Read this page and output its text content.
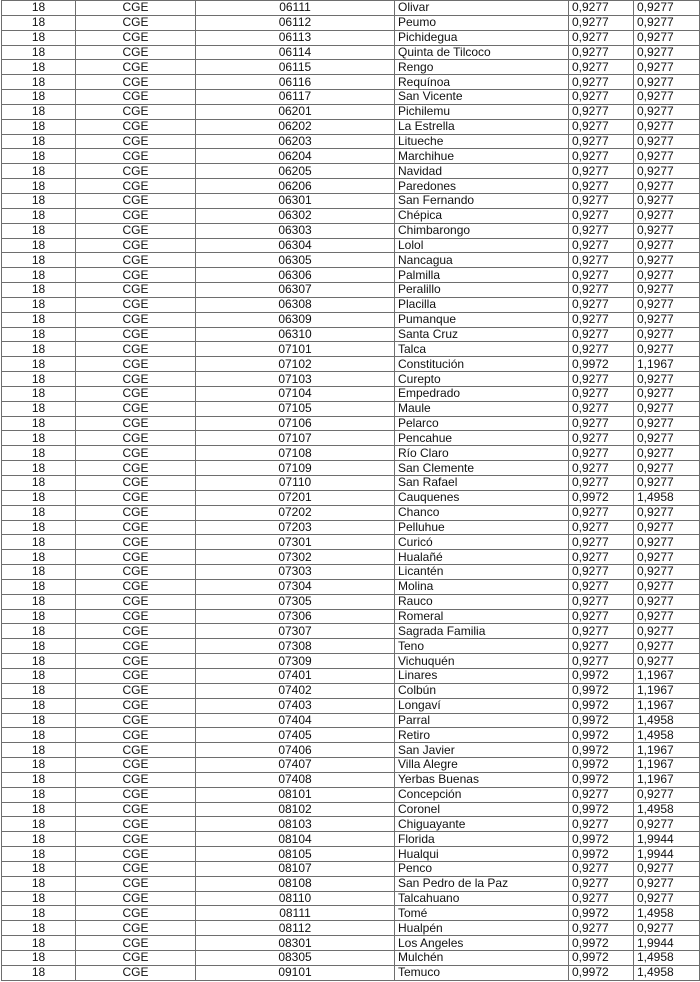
18	CGE	06111	Olivar	0,9277	0,9277
18	CGE	06112	Peumo	0,9277	0,9277
18	CGE	06113	Pichidegua	0,9277	0,9277
18	CGE	06114	Quinta de Tilcoco	0,9277	0,9277
18	CGE	06115	Rengo	0,9277	0,9277
18	CGE	06116	Requínoa	0,9277	0,9277
18	CGE	06117	San Vicente	0,9277	0,9277
18	CGE	06201	Pichilemu	0,9277	0,9277
18	CGE	06202	La Estrella	0,9277	0,9277
18	CGE	06203	Litueche	0,9277	0,9277
18	CGE	06204	Marchihue	0,9277	0,9277
18	CGE	06205	Navidad	0,9277	0,9277
18	CGE	06206	Paredones	0,9277	0,9277
18	CGE	06301	San Fernando	0,9277	0,9277
18	CGE	06302	Chépica	0,9277	0,9277
18	CGE	06303	Chimbarongo	0,9277	0,9277
18	CGE	06304	Lolol	0,9277	0,9277
18	CGE	06305	Nancagua	0,9277	0,9277
18	CGE	06306	Palmilla	0,9277	0,9277
18	CGE	06307	Peralillo	0,9277	0,9277
18	CGE	06308	Placilla	0,9277	0,9277
18	CGE	06309	Pumanque	0,9277	0,9277
18	CGE	06310	Santa Cruz	0,9277	0,9277
18	CGE	07101	Talca	0,9277	0,9277
18	CGE	07102	Constitución	0,9972	1,1967
18	CGE	07103	Curepto	0,9277	0,9277
18	CGE	07104	Empedrado	0,9277	0,9277
18	CGE	07105	Maule	0,9277	0,9277
18	CGE	07106	Pelarco	0,9277	0,9277
18	CGE	07107	Pencahue	0,9277	0,9277
18	CGE	07108	Río Claro	0,9277	0,9277
18	CGE	07109	San Clemente	0,9277	0,9277
18	CGE	07110	San Rafael	0,9277	0,9277
18	CGE	07201	Cauquenes	0,9972	1,4958
18	CGE	07202	Chanco	0,9277	0,9277
18	CGE	07203	Pelluhue	0,9277	0,9277
18	CGE	07301	Curicó	0,9277	0,9277
18	CGE	07302	Hualañé	0,9277	0,9277
18	CGE	07303	Licantén	0,9277	0,9277
18	CGE	07304	Molina	0,9277	0,9277
18	CGE	07305	Rauco	0,9277	0,9277
18	CGE	07306	Romeral	0,9277	0,9277
18	CGE	07307	Sagrada Familia	0,9277	0,9277
18	CGE	07308	Teno	0,9277	0,9277
18	CGE	07309	Vichuquén	0,9277	0,9277
18	CGE	07401	Linares	0,9972	1,1967
18	CGE	07402	Colbún	0,9972	1,1967
18	CGE	07403	Longaví	0,9972	1,1967
18	CGE	07404	Parral	0,9972	1,4958
18	CGE	07405	Retiro	0,9972	1,4958
18	CGE	07406	San Javier	0,9972	1,1967
18	CGE	07407	Villa Alegre	0,9972	1,1967
18	CGE	07408	Yerbas Buenas	0,9972	1,1967
18	CGE	08101	Concepción	0,9277	0,9277
18	CGE	08102	Coronel	0,9972	1,4958
18	CGE	08103	Chiguayante	0,9277	0,9277
18	CGE	08104	Florida	0,9972	1,9944
18	CGE	08105	Hualqui	0,9972	1,9944
18	CGE	08107	Penco	0,9277	0,9277
18	CGE	08108	San Pedro de la Paz	0,9277	0,9277
18	CGE	08110	Talcahuano	0,9277	0,9277
18	CGE	08111	Tomé	0,9972	1,4958
18	CGE	08112	Hualpén	0,9277	0,9277
18	CGE	08301	Los Angeles	0,9972	1,9944
18	CGE	08305	Mulchén	0,9972	1,4958
18	CGE	09101	Temuco	0,9972	1,4958
